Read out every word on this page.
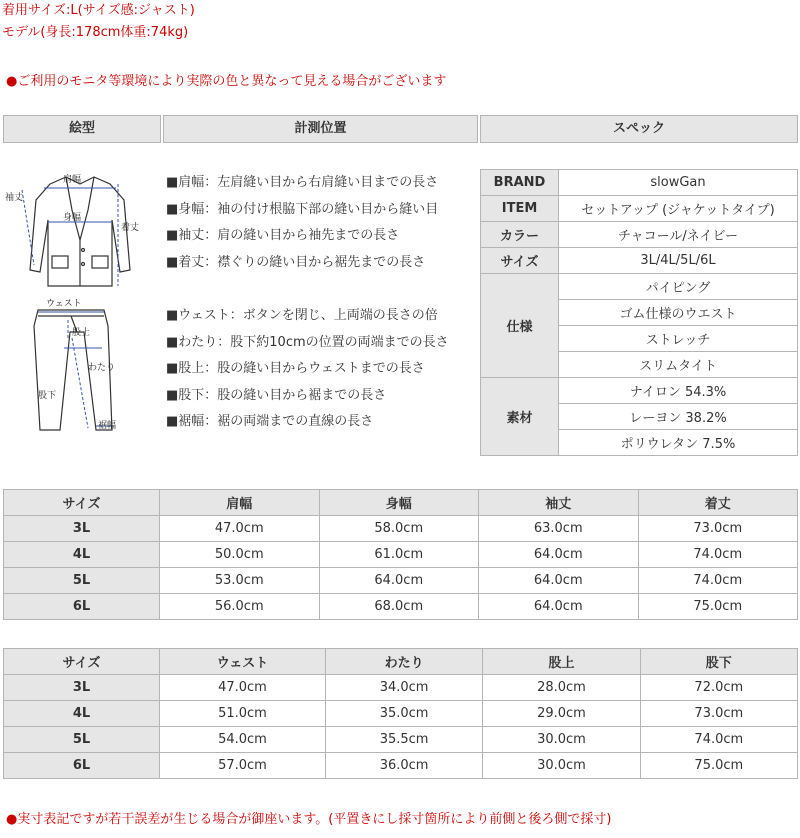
着用サイズ:L(サイズ感:ジャスト)
モデル(身長:178cm体重:74kg)
●ご利用のモニタ等環境により実際の色と異なって見える場合がございます
絵型	計測位置	スペック
肩幅
身幅
袖丈
着丈
ウェスト
股上
わたり
股下
裾幅
■肩幅：左肩縫い目から右肩縫い目までの長さ
■身幅：袖の付け根脇下部の縫い目から縫い目
■袖丈：肩の縫い目から袖先までの長さ
■着丈：襟ぐりの縫い目から裾先までの長さ
■ウェスト：ボタンを閉じ、上両端の長さの倍
■わたり：股下約10cmの位置の両端までの長さ
■股上：股の縫い目からウェストまでの長さ
■股下：股の縫い目から裾までの長さ
■裾幅：裾の両端までの直線の長さ
BRAND	slowGan
ITEM	セットアップ (ジャケットタイプ)
カラー	チャコール/ネイビー
サイズ	3L/4L/5L/6L
仕様	パイピング
	ゴム仕様のウエスト
	ストレッチ
	スリムタイト
素材	ナイロン 54.3%
	レーヨン 38.2%
	ポリウレタン 7.5%
サイズ	肩幅	身幅	袖丈	着丈
3L	47.0cm	58.0cm	63.0cm	73.0cm
4L	50.0cm	61.0cm	64.0cm	74.0cm
5L	53.0cm	64.0cm	64.0cm	74.0cm
6L	56.0cm	68.0cm	64.0cm	75.0cm
サイズ	ウェスト	わたり	股上	股下
3L	47.0cm	34.0cm	28.0cm	72.0cm
4L	51.0cm	35.0cm	29.0cm	73.0cm
5L	54.0cm	35.5cm	30.0cm	74.0cm
6L	57.0cm	36.0cm	30.0cm	75.0cm
●実寸表記ですが若干誤差が生じる場合が御座います。(平置きにし採寸箇所により前側と後ろ側で採寸)
